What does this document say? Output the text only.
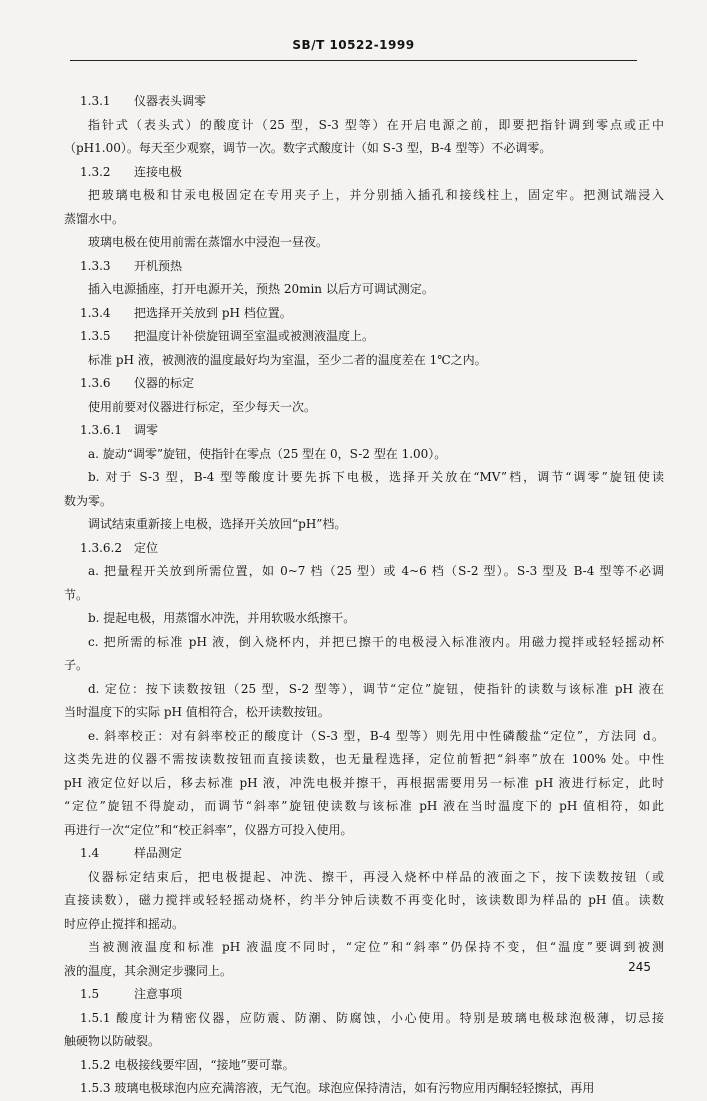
SB/T 10522-1999
1.3.1 仪器表头调零
指针式（表头式）的酸度计（25 型，S-3 型等）在开启电源之前，即要把指针调到零点或正中
（pH1.00）。每天至少观察，调节一次。数字式酸度计（如 S-3 型，B-4 型等）不必调零。
1.3.2 连接电极
把玻璃电极和甘汞电极固定在专用夹子上，并分别插入插孔和接线柱上，固定牢。把测试端浸入
蒸馏水中。
玻璃电极在使用前需在蒸馏水中浸泡一昼夜。
1.3.3 开机预热
插入电源插座，打开电源开关，预热 20min 以后方可调试测定。
1.3.4 把选择开关放到 pH 档位置。
1.3.5 把温度计补偿旋钮调至室温或被测液温度上。
标准 pH 液，被测液的温度最好均为室温，至少二者的温度差在 1℃之内。
1.3.6 仪器的标定
使用前要对仪器进行标定，至少每天一次。
1.3.6.1 调零
a. 旋动“调零”旋钮，使指针在零点（25 型在 0，S-2 型在 1.00）。
b. 对于 S-3 型，B-4 型等酸度计要先拆下电极，选择开关放在“MV”档，调节“调零”旋钮使读
数为零。
调试结束重新接上电极，选择开关放回“pH”档。
1.3.6.2 定位
a. 把量程开关放到所需位置，如 0~7 档（25 型）或 4~6 档（S-2 型）。S-3 型及 B-4 型等不必调
节。
b. 提起电极，用蒸馏水冲洗，并用软吸水纸擦干。
c. 把所需的标准 pH 液，倒入烧杯内，并把已擦干的电极浸入标准液内。用磁力搅拌或轻轻摇动杯
子。
d. 定位：按下读数按钮（25 型，S-2 型等），调节“定位”旋钮，使指针的读数与该标准 pH 液在
当时温度下的实际 pH 值相符合，松开读数按钮。
e. 斜率校正：对有斜率校正的酸度计（S-3 型，B-4 型等）则先用中性磷酸盐“定位”，方法同 d。
这类先进的仪器不需按读数按钮而直接读数，也无量程选择，定位前暂把“斜率”放在 100% 处。中性
pH 液定位好以后，移去标准 pH 液，冲洗电极并擦干，再根据需要用另一标准 pH 液进行标定，此时
“定位”旋钮不得旋动，而调节“斜率”旋钮使读数与该标准 pH 液在当时温度下的 pH 值相符，如此
再进行一次“定位”和“校正斜率”，仪器方可投入使用。
1.4	样品测定
仪器标定结束后，把电极提起、冲洗、擦干，再浸入烧杯中样品的液面之下，按下读数按钮（或
直接读数），磁力搅拌或轻轻摇动烧杯，约半分钟后读数不再变化时，该读数即为样品的 pH 值。读数
时应停止搅拌和摇动。
当被测液温度和标准 pH 液温度不同时，“定位”和“斜率”仍保持不变，但“温度”要调到被测
液的温度，其余测定步骤同上。
1.5	注意事项
1.5.1 酸度计为精密仪器，应防震、防潮、防腐蚀，小心使用。特别是玻璃电极球泡极薄，切忌接
触硬物以防破裂。
1.5.2 电极接线要牢固，“接地”要可靠。
1.5.3 玻璃电极球泡内应充满溶液，无气泡。球泡应保持清洁，如有污物应用丙酮轻轻擦拭，再用
245
